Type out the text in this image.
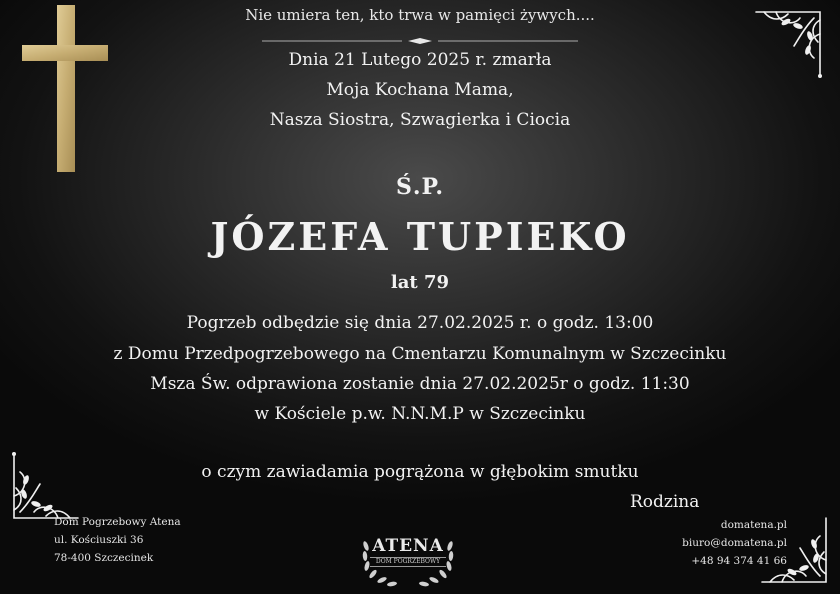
Nie umiera ten, kto trwa w pamięci żywych....
Dnia 21 Lutego 2025 r. zmarła
Moja Kochana Mama,
Nasza Siostra, Szwagierka i Ciocia
Ś.P.
JÓZEFA TUPIEKO
lat 79
Pogrzeb odbędzie się dnia 27.02.2025 r. o godz. 13:00
z Domu Przedpogrzebowego na Cmentarzu Komunalnym w Szczecinku
Msza Św. odprawiona zostanie dnia 27.02.2025r o godz. 11:30
w Kościele p.w. N.N.M.P w Szczecinku
o czym zawiadamia pogrążona w głębokim smutku
Rodzina
Dom Pogrzebowy Atena
ul. Kościuszki 36
78-400 Szczecinek
ATENA
DOM POGRZEBOWY
domatena.pl
biuro@domatena.pl
+48 94 374 41 66
